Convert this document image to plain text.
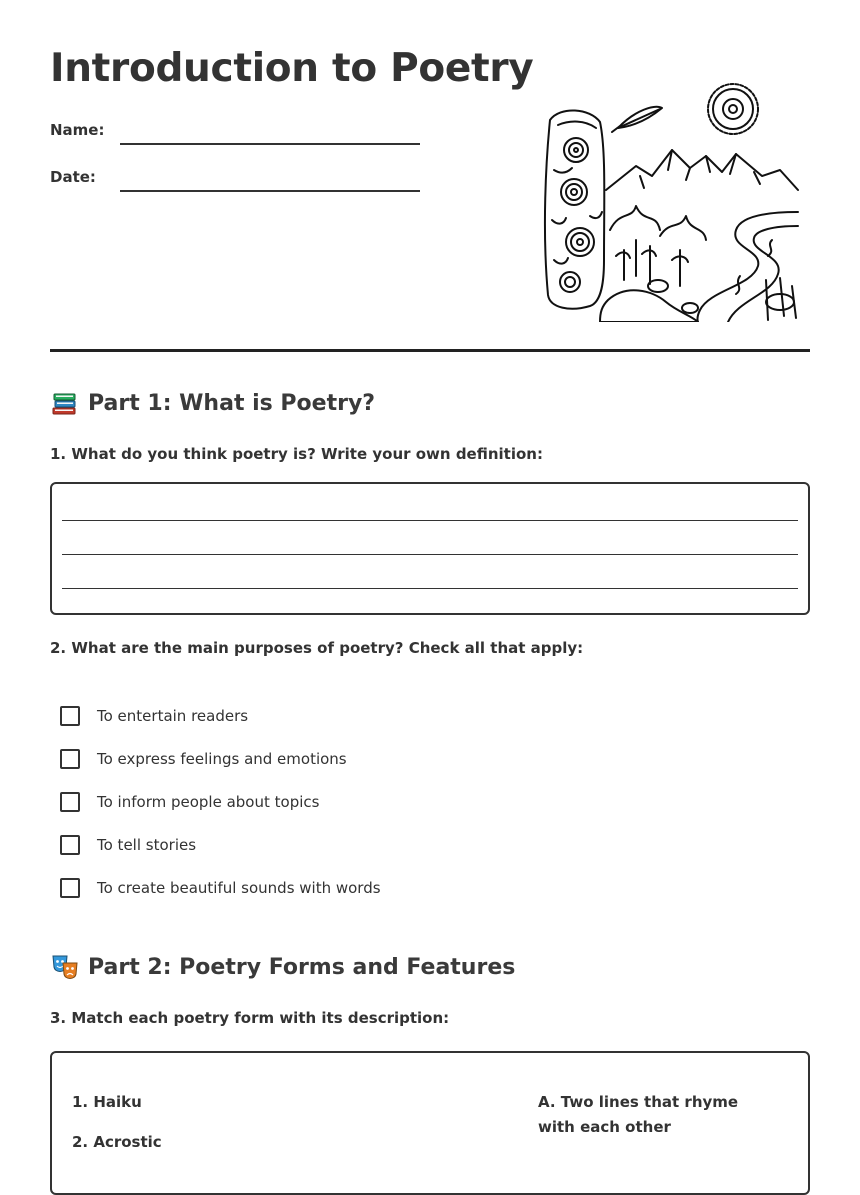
Introduction to Poetry
Name:
Date:
Part 1: What is Poetry?

1. What do you think poetry is? Write your own definition:

2. What are the main purposes of poetry? Check all that apply:

To entertain readers
To express feelings and emotions
To inform people about topics
To tell stories
To create beautiful sounds with words
Part 2: Poetry Forms and Features

3. Match each poetry form with its description:

1. Haiku
2. Acrostic
A. Two lines that rhyme with each other
